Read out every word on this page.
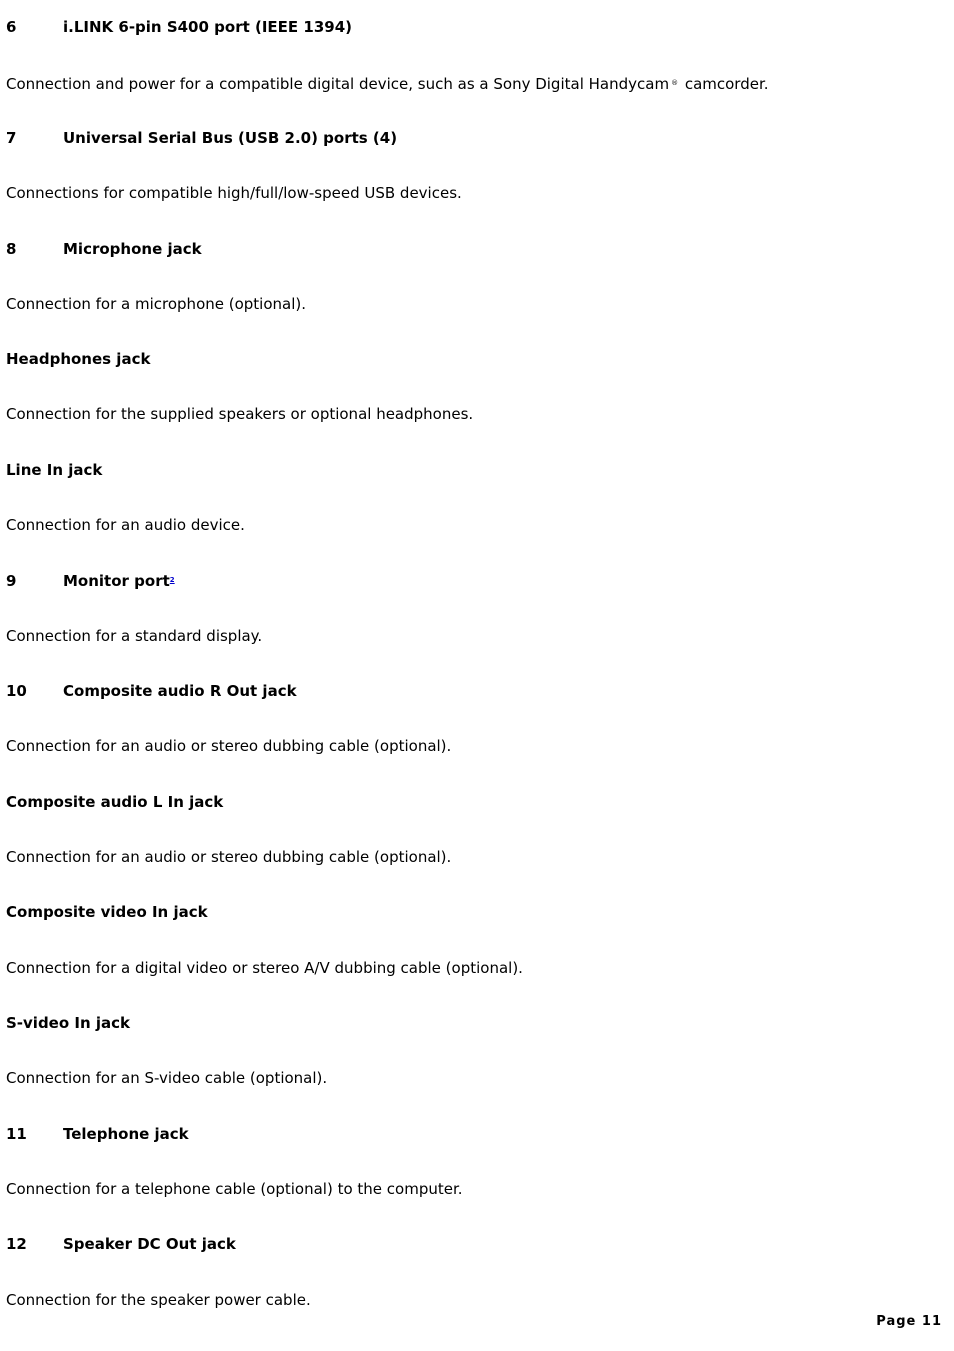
6	i.LINK 6-pin S400 port (IEEE 1394)
Connection and power for a compatible digital device, such as a Sony Digital Handycam ® camcorder.
7	Universal Serial Bus (USB 2.0) ports (4)
Connections for compatible high/full/low-speed USB devices.
8	Microphone jack
Connection for a microphone (optional).
Headphones jack
Connection for the supplied speakers or optional headphones.
Line In jack
Connection for an audio device.
9	Monitor port$^2$
Connection for a standard display.
10 Composite audio R Out jack
Connection for an audio or stereo dubbing cable (optional).
Composite audio L In jack
Connection for an audio or stereo dubbing cable (optional).
Composite video In jack
Connection for a digital video or stereo A/V dubbing cable (optional).
S-video In jack
Connection for an S-video cable (optional).
11 Telephone jack
Connection for a telephone cable (optional) to the computer.
12 Speaker DC Out jack
Connection for the speaker power cable.
Page 11
